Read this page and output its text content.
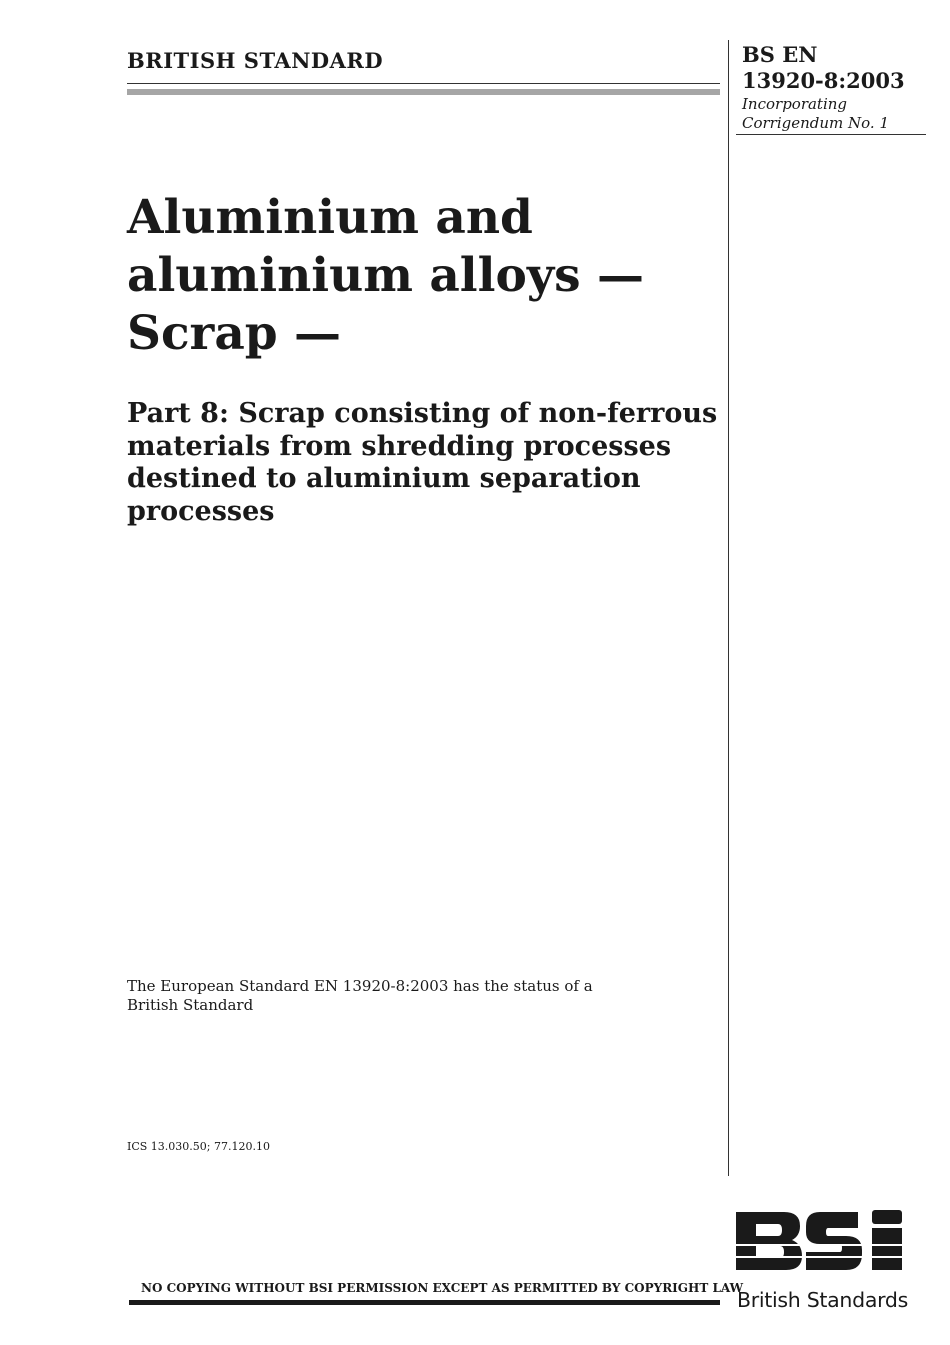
BRITISH STANDARD	BS EN
13920-8:2003
Incorporating
Corrigendum No. 1
Aluminium and
aluminium alloys —
Scrap —
Part 8: Scrap consisting of non-ferrous
materials from shredding processes
destined to aluminium separation
processes
The European Standard EN 13920-8:2003 has the status of a
British Standard
ICS 13.030.50; 77.120.10
NO COPYING WITHOUT BSI PERMISSION EXCEPT AS PERMITTED BY COPYRIGHT LAW
British Standards
